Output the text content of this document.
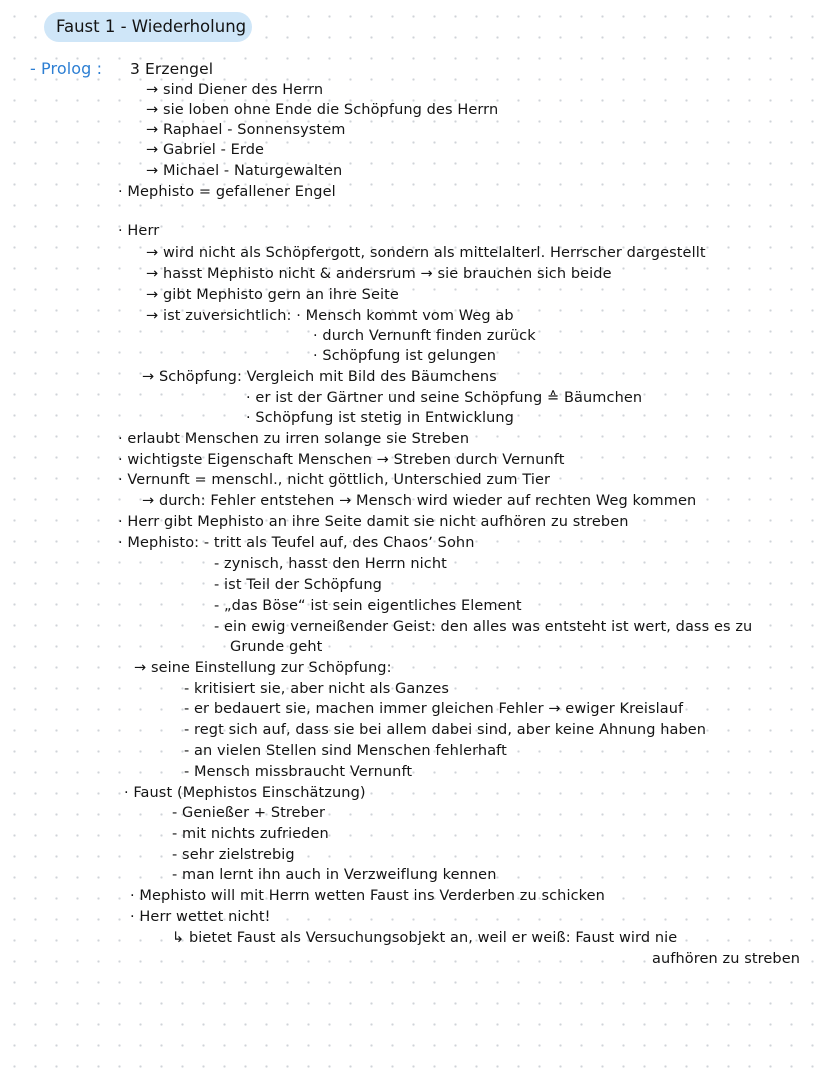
Faust 1 - Wiederholung
- Prolog : 3 Erzengel
→ sind Diener des Herrn
→ sie loben ohne Ende die Schöpfung des Herrn
→ Raphael - Sonnensystem
→ Gabriel - Erde
→ Michael - Naturgewalten
· Mephisto = gefallener Engel
· Herr
→ wird nicht als Schöpfergott, sondern als mittelalterl. Herrscher dargestellt
→ hasst Mephisto nicht & andersrum → sie brauchen sich beide
→ gibt Mephisto gern an ihre Seite
→ ist zuversichtlich: · Mensch kommt vom Weg ab
· durch Vernunft finden zurück
· Schöpfung ist gelungen
→ Schöpfung: Vergleich mit Bild des Bäumchens
· er ist der Gärtner und seine Schöpfung ≙ Bäumchen
· Schöpfung ist stetig in Entwicklung
· erlaubt Menschen zu irren solange sie Streben
· wichtigste Eigenschaft Menschen → Streben durch Vernunft
· Vernunft = menschl., nicht göttlich, Unterschied zum Tier
→ durch: Fehler entstehen → Mensch wird wieder auf rechten Weg kommen
· Herr gibt Mephisto an ihre Seite damit sie nicht aufhören zu streben
· Mephisto: - tritt als Teufel auf, des Chaosʼ Sohn
- zynisch, hasst den Herrn nicht
- ist Teil der Schöpfung
- „das Böse“ ist sein eigentliches Element
- ein ewig verneißender Geist: den alles was entsteht ist wert, dass es zu
Grunde geht
→ seine Einstellung zur Schöpfung:
- kritisiert sie, aber nicht als Ganzes
- er bedauert sie, machen immer gleichen Fehler → ewiger Kreislauf
- regt sich auf, dass sie bei allem dabei sind, aber keine Ahnung haben
- an vielen Stellen sind Menschen fehlerhaft
- Mensch missbraucht Vernunft
· Faust (Mephistos Einschätzung)
- Genießer + Streber
- mit nichts zufrieden
- sehr zielstrebig
- man lernt ihn auch in Verzweiflung kennen
· Mephisto will mit Herrn wetten Faust ins Verderben zu schicken
· Herr wettet nicht!
↳ bietet Faust als Versuchungsobjekt an, weil er weiß: Faust wird nie
aufhören zu streben
